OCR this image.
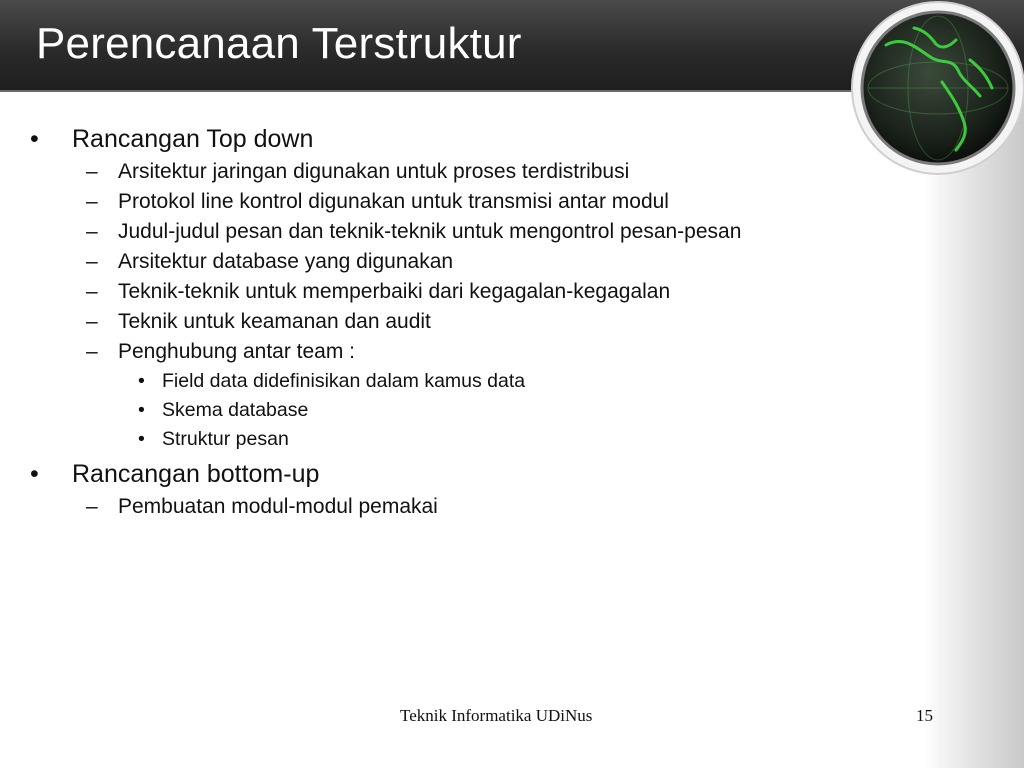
Perencanaan Terstruktur
• Rancangan Top down
– Arsitektur jaringan digunakan untuk proses terdistribusi
– Protokol line kontrol digunakan untuk transmisi antar modul
– Judul-judul pesan dan teknik-teknik untuk mengontrol pesan-pesan
– Arsitektur database yang digunakan
– Teknik-teknik untuk memperbaiki dari kegagalan-kegagalan
– Teknik untuk keamanan dan audit
– Penghubung antar team :
• Field data didefinisikan dalam kamus data
• Skema database
• Struktur pesan
• Rancangan bottom-up
– Pembuatan modul-modul pemakai
Teknik Informatika UDiNus	15
